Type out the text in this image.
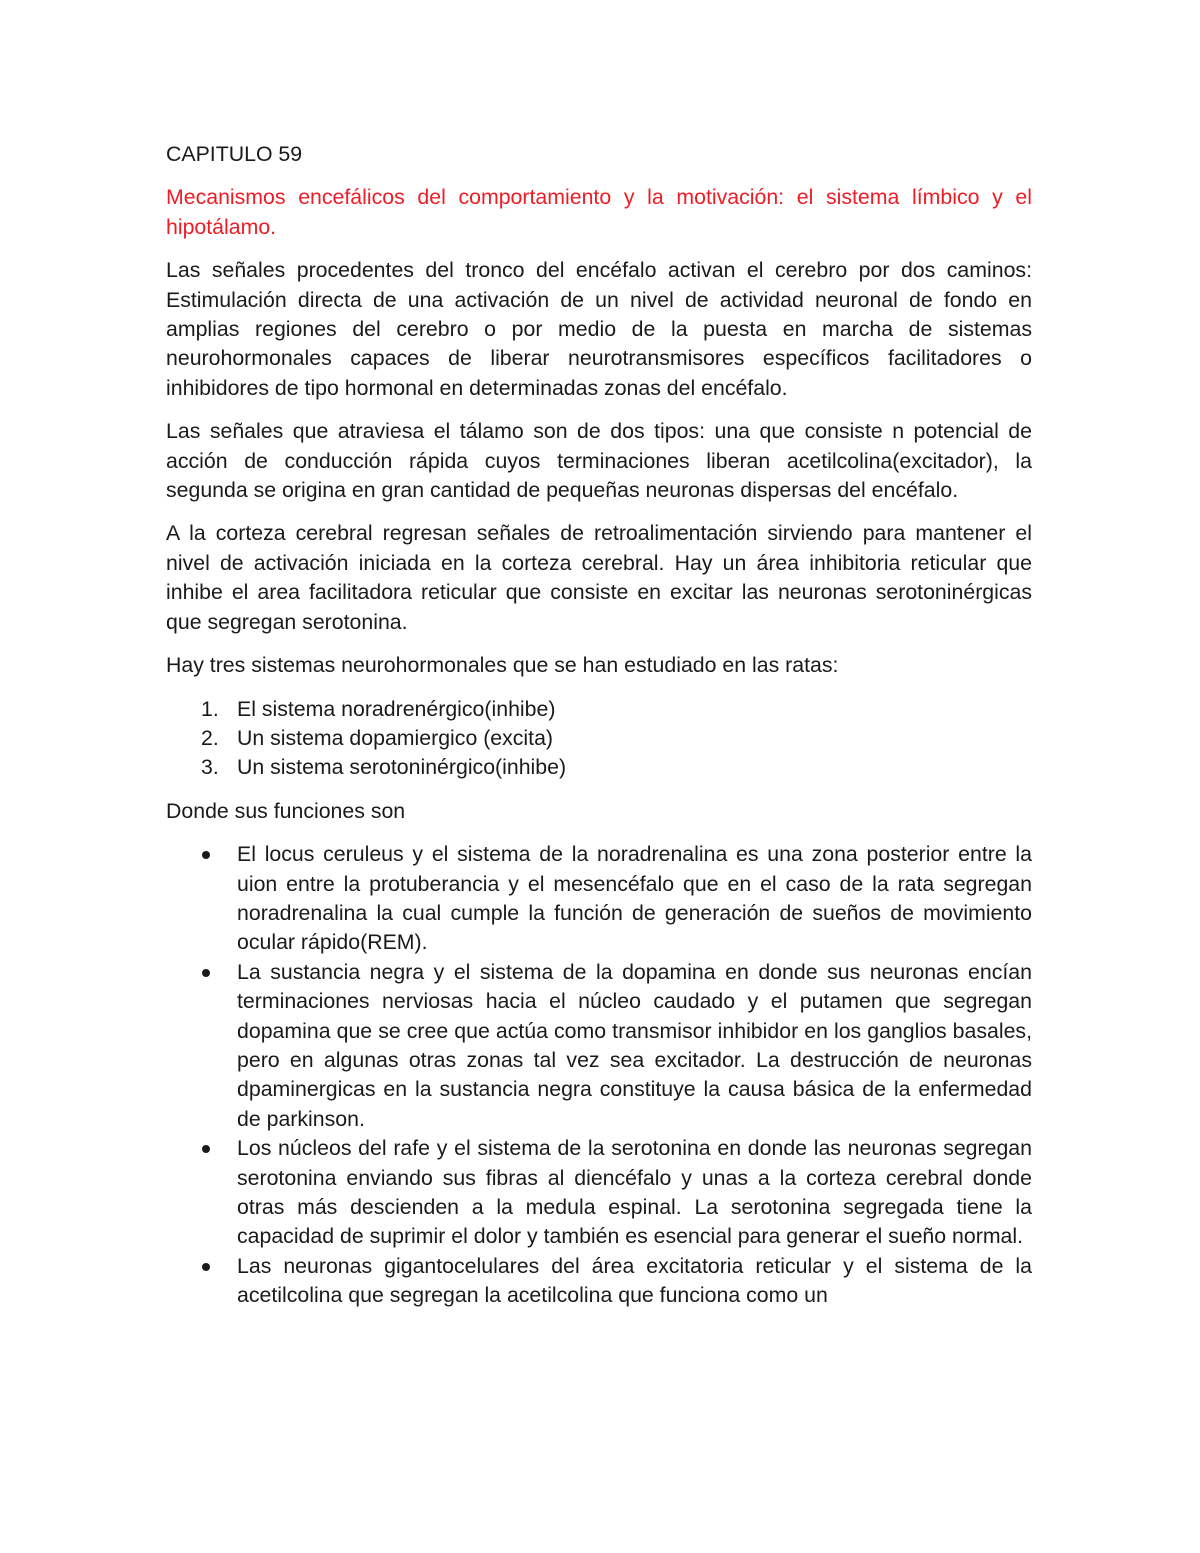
CAPITULO 59
Mecanismos encefálicos del comportamiento y la motivación: el sistema límbico y el hipotálamo.

Las señales procedentes del tronco del encéfalo activan el cerebro por dos caminos: Estimulación directa de una activación de un nivel de actividad neuronal de fondo en amplias regiones del cerebro o por medio de la puesta en marcha de sistemas neurohormonales capaces de liberar neurotransmisores específicos facilitadores o inhibidores de tipo hormonal en determinadas zonas del encéfalo.

Las señales que atraviesa el tálamo son de dos tipos: una que consiste n potencial de acción de conducción rápida cuyos terminaciones liberan acetilcolina(excitador), la segunda se origina en gran cantidad de pequeñas neuronas dispersas del encéfalo.

A la corteza cerebral regresan señales de retroalimentación sirviendo para mantener el nivel de activación iniciada en la corteza cerebral. Hay un área inhibitoria reticular que inhibe el area facilitadora reticular que consiste en excitar las neuronas serotoninérgicas que segregan serotonina.

Hay tres sistemas neurohormonales que se han estudiado en las ratas:

1. El sistema noradrenérgico(inhibe)
2. Un sistema dopamiergico (excita)
3. Un sistema serotoninérgico(inhibe)

Donde sus funciones son

El locus ceruleus y el sistema de la noradrenalina es una zona posterior entre la uion entre la protuberancia y el mesencéfalo que en el caso de la rata segregan noradrenalina la cual cumple la función de generación de sueños de movimiento ocular rápido(REM).
La sustancia negra y el sistema de la dopamina en donde sus neuronas encían terminaciones nerviosas hacia el núcleo caudado y el putamen que segregan dopamina que se cree que actúa como transmisor inhibidor en los ganglios basales, pero en algunas otras zonas tal vez sea excitador. La destrucción de neuronas dpaminergicas en la sustancia negra constituye la causa básica de la enfermedad de parkinson.
Los núcleos del rafe y el sistema de la serotonina en donde las neuronas segregan serotonina enviando sus fibras al diencéfalo y unas a la corteza cerebral donde otras más descienden a la medula espinal. La serotonina segregada tiene la capacidad de suprimir el dolor y también es esencial para generar el sueño normal.
Las neuronas gigantocelulares del área excitatoria reticular y el sistema de la acetilcolina que segregan la acetilcolina que funciona como un
